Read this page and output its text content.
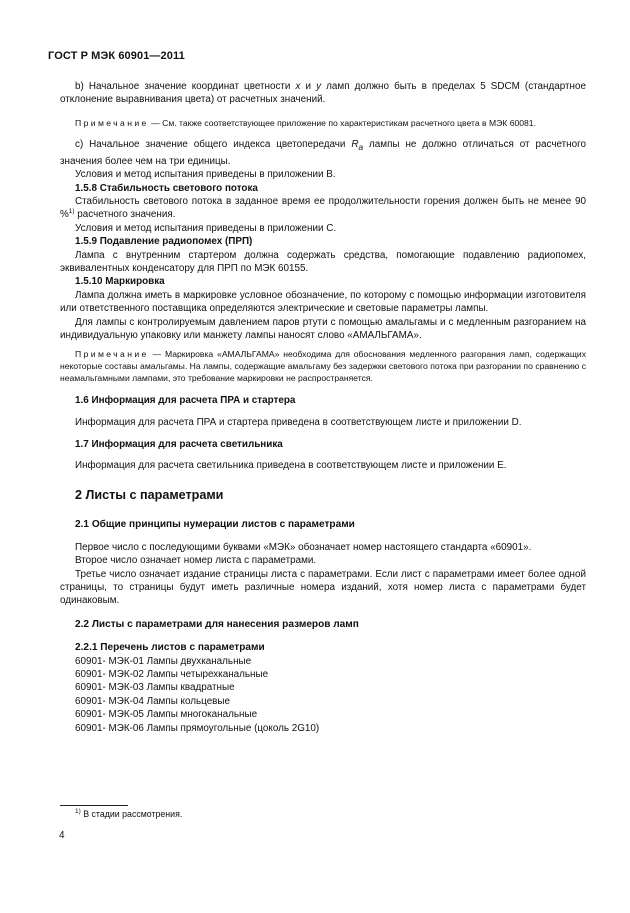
ГОСТ Р МЭК 60901—2011

b) Начальное значение координат цветности x и y ламп должно быть в пределах 5 SDCM (стандартное отклонение выравнивания цвета) от расчетных значений.

Примечание — См. также соответствующее приложение по характеристикам расчетного цвета в МЭК 60081.

c) Начальное значение общего индекса цветопередачи $R_a$ лампы не должно отличаться от расчетного значения более чем на три единицы.

Условия и метод испытания приведены в приложении B.

1.5.8 Стабильность светового потока

Стабильность светового потока в заданное время ее продолжительности горения должен быть не менее 90 %$^{1)}$ расчетного значения.

Условия и метод испытания приведены в приложении C.

1.5.9 Подавление радиопомех (ПРП)

Лампа с внутренним стартером должна содержать средства, помогающие подавлению радиопомех, эквивалентных конденсатору для ПРП по МЭК 60155.

1.5.10 Маркировка

Лампа должна иметь в маркировке условное обозначение, по которому с помощью информации изготовителя или ответственного поставщика определяются электрические и световые параметры лампы.

Для лампы с контролируемым давлением паров ртути с помощью амальгамы и с медленным разгоранием на индивидуальную упаковку или манжету лампы наносят слово «АМАЛЬГАМА».

Примечание — Маркировка «АМАЛЬГАМА» необходима для обоснования медленного разгорания ламп, содержащих некоторые составы амальгамы. На лампы, содержащие амальгаму без задержки светового потока при разгорании по сравнению с неамальгамными лампами, это требование маркировки не распространяется.

1.6 Информация для расчета ПРА и стартера

Информация для расчета ПРА и стартера приведена в соответствующем листе и приложении D.

1.7 Информация для расчета светильника

Информация для расчета светильника приведена в соответствующем листе и приложении E.

2 Листы с параметрами

2.1 Общие принципы нумерации листов с параметрами

Первое число с последующими буквами «МЭК» обозначает номер настоящего стандарта «60901».

Второе число означает номер листа с параметрами.

Третье число означает издание страницы листа с параметрами. Если лист с параметрами имеет более одной страницы, то страницы будут иметь различные номера изданий, хотя номер листа с параметрами будет одинаковым.

2.2 Листы с параметрами для нанесения размеров ламп

2.2.1 Перечень листов с параметрами

60901- МЭК-01 Лампы двухканальные

60901- МЭК-02 Лампы четырехканальные

60901- МЭК-03 Лампы квадратные

60901- МЭК-04 Лампы кольцевые

60901- МЭК-05 Лампы многоканальные

60901- МЭК-06 Лампы прямоугольные (цоколь 2G10)

$^{1)}$ В стадии рассмотрения.
4
